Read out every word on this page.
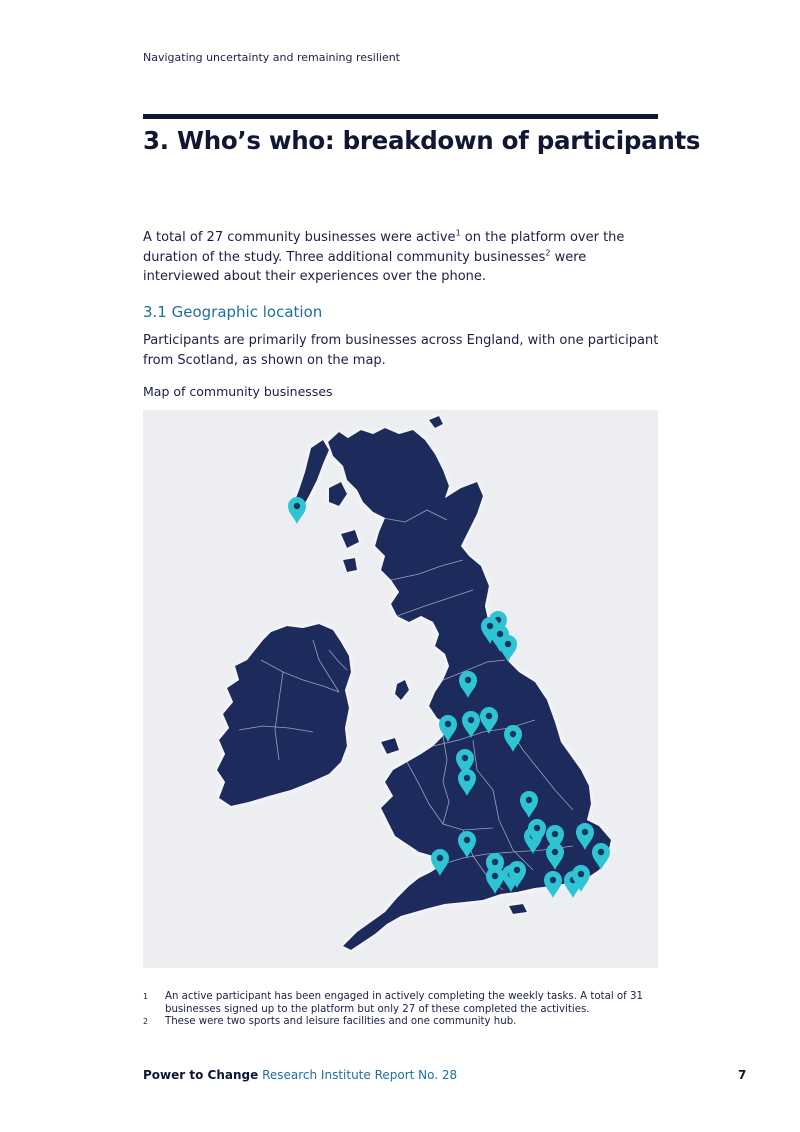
Navigating uncertainty and remaining resilient
3. Who’s who: breakdown of participants

A total of 27 community businesses were active$^1$ on the platform over the duration of the study. Three additional community businesses$^2$ were interviewed about their experiences over the phone.

3.1 Geographic location

Participants are primarily from businesses across England, with one participant from Scotland, as shown on the map.

Map of community businesses

1	An active participant has been engaged in actively completing the weekly tasks. A total of 31 businesses signed up to the platform but only 27 of these completed the activities.
2	These were two sports and leisure facilities and one community hub.
Power to Change Research Institute Report No. 28	7
